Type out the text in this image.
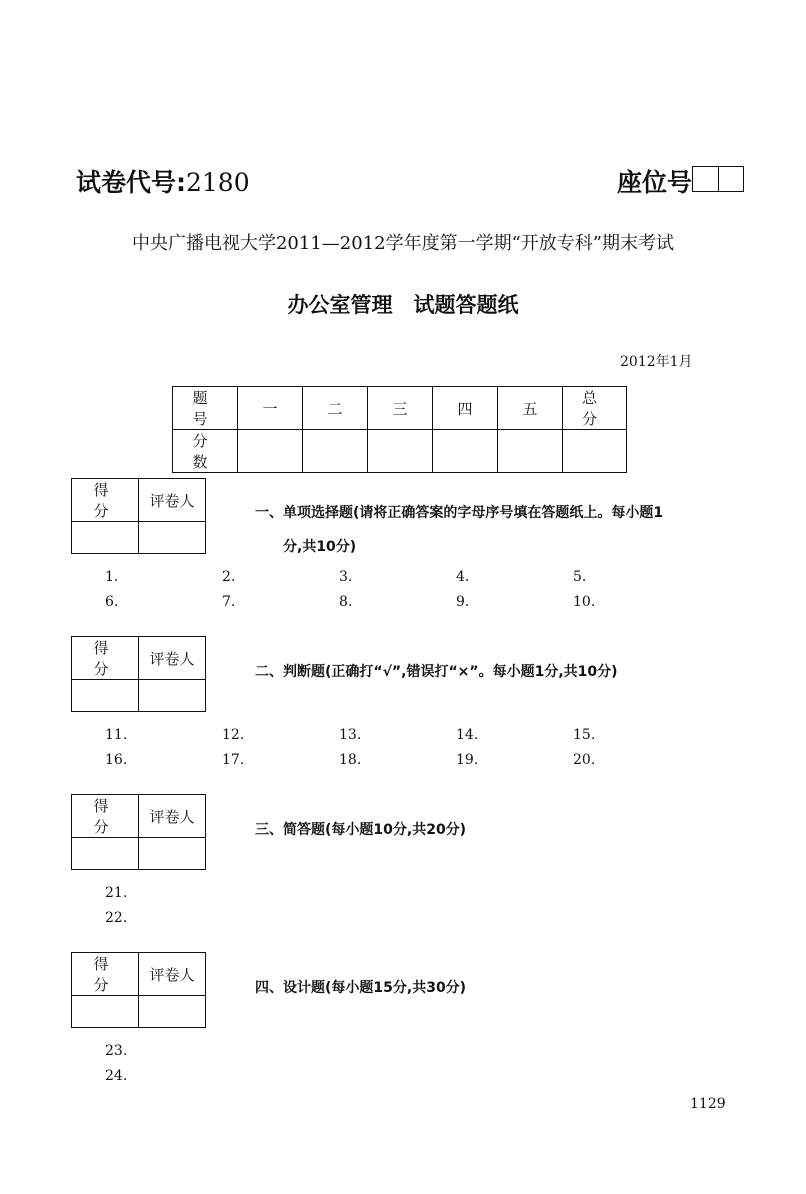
试卷代号:2180	座位号
中央广播电视大学2011—2012学年度第一学期“开放专科”期末考试
办公室管理　试题答题纸
2012年1月
题　号	一	二	三	四	五	总　分
分　数						
得　分	评卷人

一、单项选择题(请将正确答案的字母序号填在答题纸上。每小题1
分,共10分)
1.	2.	3.	4.	5.
6.	7.	8.	9.	10.
得　分	评卷人

二、判断题(正确打“√”,错误打“×”。每小题1分,共10分)
11.	12.	13.	14.	15.
16.	17.	18.	19.	20.
得　分	评卷人

三、简答题(每小题10分,共20分)
21.
22.
得　分	评卷人

四、设计题(每小题15分,共30分)
23.
24.
1129
